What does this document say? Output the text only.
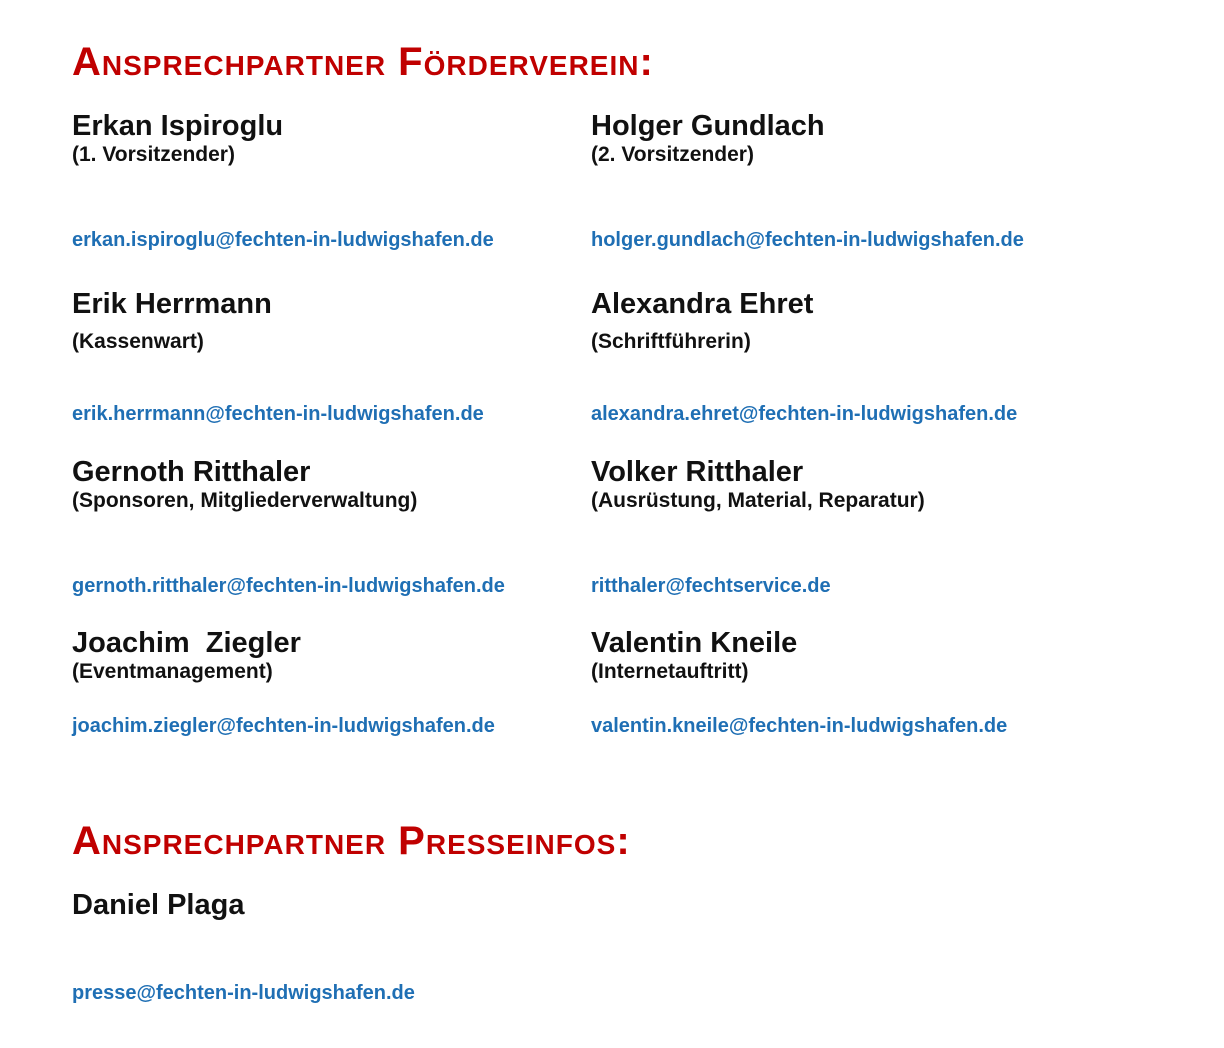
Ansprechpartner Förderverein:
Erkan Ispiroglu
(1. Vorsitzender)
erkan.ispiroglu@fechten-in-ludwigshafen.de
Holger Gundlach
(2. Vorsitzender)
holger.gundlach@fechten-in-ludwigshafen.de
Erik Herrmann
(Kassenwart)
erik.herrmann@fechten-in-ludwigshafen.de
Alexandra Ehret
(Schriftführerin)
alexandra.ehret@fechten-in-ludwigshafen.de
Gernoth Ritthaler
(Sponsoren, Mitgliederverwaltung)
gernoth.ritthaler@fechten-in-ludwigshafen.de
Volker Ritthaler
(Ausrüstung, Material, Reparatur)
ritthaler@fechtservice.de
Joachim  Ziegler
(Eventmanagement)
joachim.ziegler@fechten-in-ludwigshafen.de
Valentin Kneile
(Internetauftritt)
valentin.kneile@fechten-in-ludwigshafen.de
Ansprechpartner Presseinfos:
Daniel Plaga
presse@fechten-in-ludwigshafen.de
